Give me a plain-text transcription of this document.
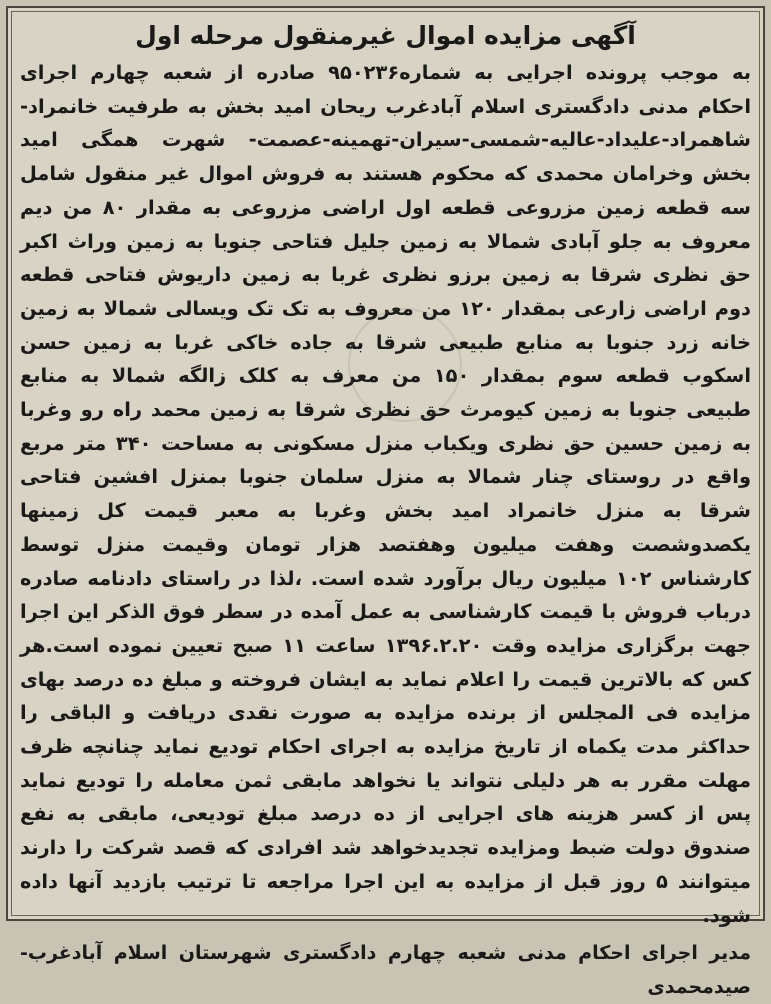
آگهی مزایده اموال غیرمنقول مرحله اول

به موجب پرونده اجرایی به شماره۹۵۰۲۳۶ صادره از شعبه چهارم اجرای احکام مدنی دادگستری اسلام آبادغرب ریحان امید بخش به طرفیت خانمراد-شاهمراد-علیداد-عالیه-شمسی-سیران-تهمینه-عصمت- شهرت همگی امید بخش وخرامان محمدی که محکوم هستند به فروش اموال غیر منقول شامل سه قطعه زمین مزروعی قطعه اول اراضی مزروعی به مقدار ۸۰ من دیم معروف به جلو آبادی شمالا به زمین جلیل فتاحی جنوبا به زمین وراث اکبر حق نظری شرقا به زمین برزو نظری غربا به زمین داریوش فتاحی قطعه دوم اراضی زارعی بمقدار ۱۲۰ من معروف به تک تک ویسالی شمالا به زمین خانه زرد جنوبا به منابع طبیعی شرقا به جاده خاکی غربا به زمین حسن اسکوب قطعه سوم بمقدار ۱۵۰ من معرف به کلک زالگه شمالا به منابع طبیعی جنوبا به زمین کیومرث حق نظری شرقا به زمین محمد راه رو وغربا به زمین حسین حق نظری ویکباب منزل مسکونی به مساحت ۳۴۰ متر مربع واقع در روستای چنار شمالا به منزل سلمان جنوبا بمنزل افشین فتاحی شرقا به منزل خانمراد امید بخش وغربا به معبر قیمت کل زمینها یکصدوشصت وهفت میلیون وهفتصد هزار تومان وقیمت منزل توسط کارشناس ۱۰۲ میلیون ریال برآورد شده است. ،لذا در راستای دادنامه صادره درباب فروش با قیمت کارشناسی به عمل آمده در سطر فوق الذکر این اجرا جهت برگزاری مزایده وقت ۱۳۹۶.۲.۲۰ ساعت ۱۱ صبح تعیین نموده است.هر کس که بالاترین قیمت را اعلام نماید به ایشان فروخته و مبلغ ده درصد بهای مزایده فی المجلس از برنده مزایده به صورت نقدی دریافت و الباقی را حداکثر مدت یکماه از تاریخ مزایده به اجرای احکام تودیع نماید چنانچه ظرف مهلت مقرر به هر دلیلی نتواند یا نخواهد مابقی ثمن معامله را تودیع نماید پس از کسر هزینه های اجرایی از ده درصد مبلغ تودیعی، مابقی به نفع صندوق دولت ضبط ومزایده تجدیدخواهد شد افرادی که قصد شرکت را دارند میتوانند ۵ روز قبل از مزایده به این اجرا مراجعه تا ترتیب بازدید آنها داده شود.

مدیر اجرای احکام مدنی شعبه چهارم دادگستری شهرستان اسلام آبادغرب-صیدمحمدی
